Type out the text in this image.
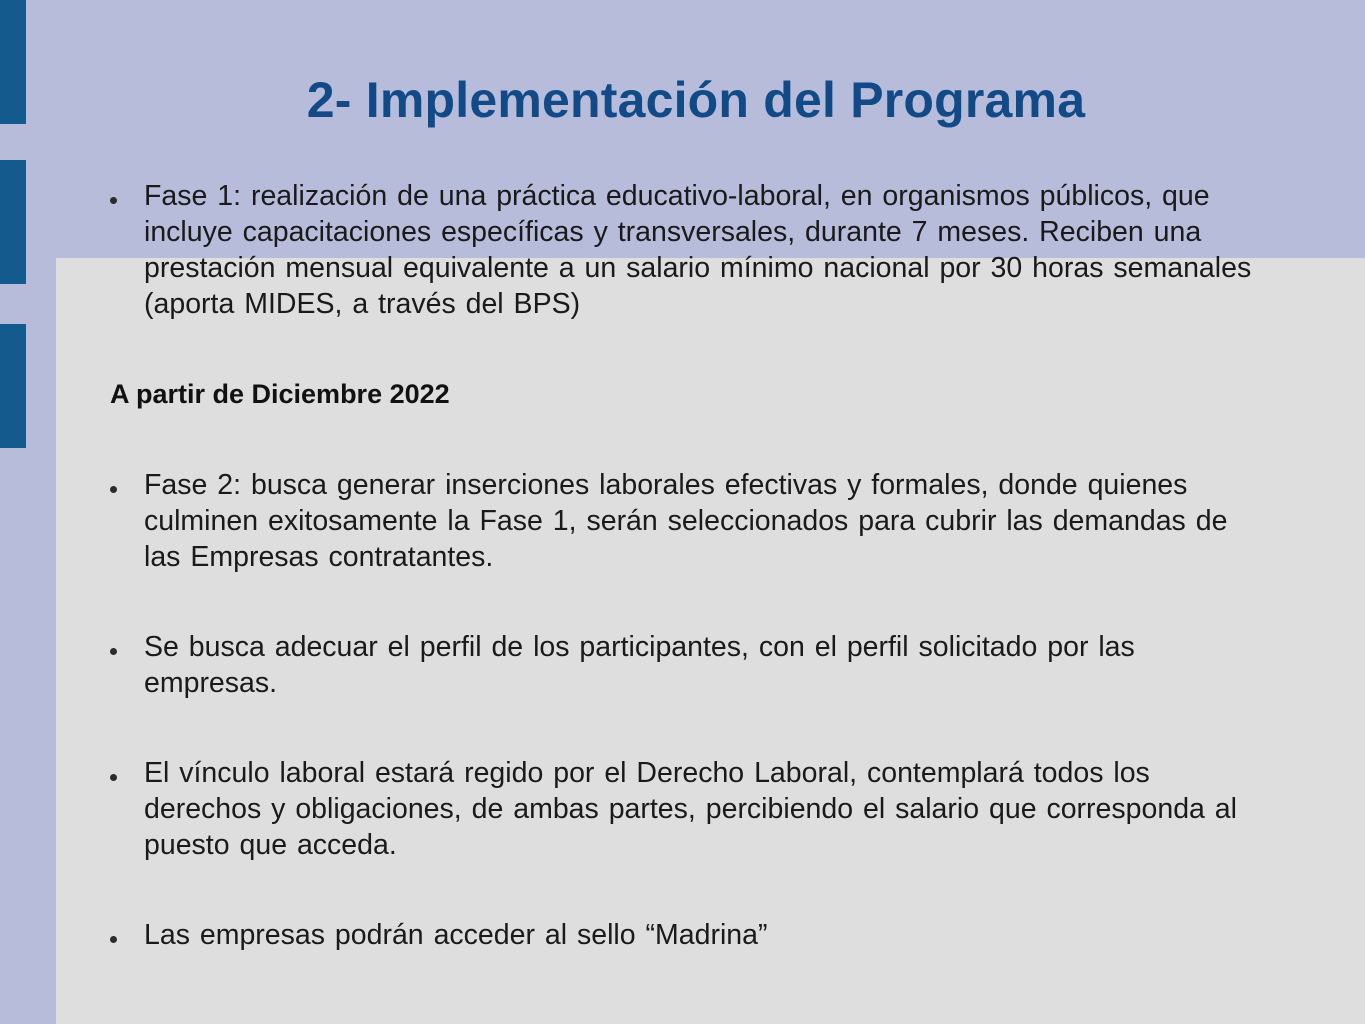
2- Implementación del Programa
Fase 1: realización de una práctica educativo-laboral, en organismos públicos, que incluye capacitaciones específicas y transversales, durante 7 meses. Reciben una prestación mensual equivalente a un salario mínimo nacional por 30 horas semanales (aporta MIDES, a través del BPS)
A partir de Diciembre 2022
Fase 2: busca generar inserciones laborales efectivas y formales, donde quienes culminen exitosamente la Fase 1, serán seleccionados para cubrir las demandas de las Empresas contratantes.
Se busca adecuar el perfil de los participantes, con el perfil solicitado por las empresas.
El vínculo laboral estará regido por el Derecho Laboral, contemplará todos los derechos y obligaciones, de ambas partes, percibiendo el salario que corresponda al puesto que acceda.
Las empresas podrán acceder al sello “Madrina”
